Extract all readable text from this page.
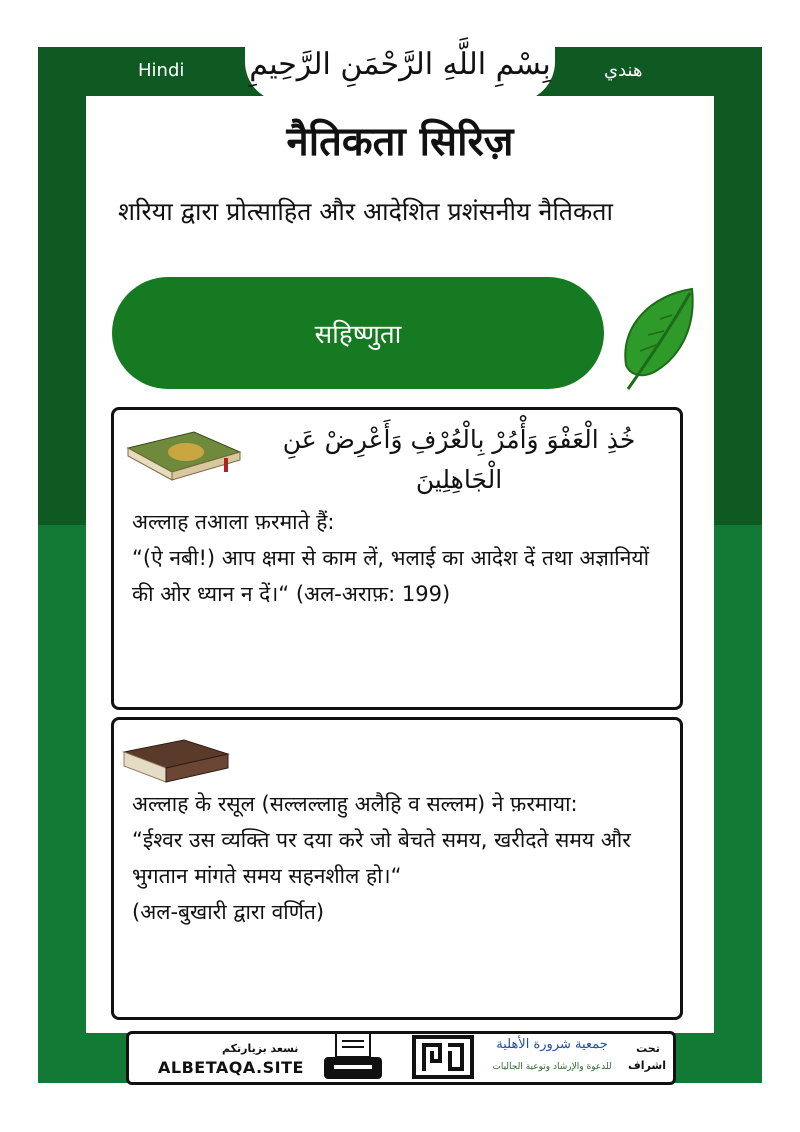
Hindi	هندي
بِسْمِ اللَّهِ الرَّحْمَنِ الرَّحِيمِ
नैतिकता सिरिज़
शरिया द्वारा प्रोत्साहित और आदेशित प्रशंसनीय नैतिकता
सहिष्णुता
خُذِ الْعَفْوَ وَأْمُرْ بِالْعُرْفِ وَأَعْرِضْ عَنِ الْجَاهِلِينَ
अल्लाह तआला फ़रमाते हैं:
“(ऐ नबी!) आप क्षमा से काम लें, भलाई का आदेश दें तथा अज्ञानियों की ओर ध्यान न दें।“ (अल-अराफ़: 199)
अल्लाह के रसूल (सल्लल्लाहु अलैहि व सल्लम) ने फ़रमाया:
“ईश्वर उस व्यक्ति पर दया करे जो बेचते समय, खरीदते समय और भुगतान मांगते समय सहनशील हो।“
(अल-बुखारी द्वारा वर्णित)
نسعد بزيارتكم
ALBETAQA.SITE
جمعية شرورة الأهلية
للدعوة والإرشاد وتوعية الجاليات
تحت اشراف
